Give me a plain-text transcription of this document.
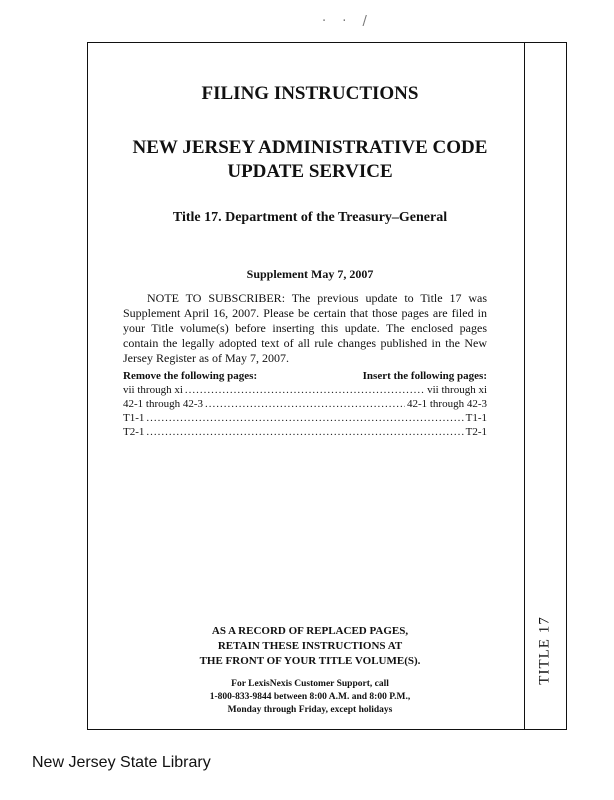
· · /
TITLE 17
FILING INSTRUCTIONS
NEW JERSEY ADMINISTRATIVE CODE
UPDATE SERVICE
Title 17. Department of the Treasury–General
Supplement May 7, 2007
NOTE TO SUBSCRIBER: The previous update to Title 17 was Supplement April 16, 2007. Please be certain that those pages are filed in your Title volume(s) before inserting this update. The enclosed pages contain the legally adopted text of all rule changes published in the New Jersey Register as of May 7, 2007.
Remove the following pages:	Insert the following pages:
vii through xi .....	vii through xi
42-1 through 42-3 .....	42-1 through 42-3
T1-1 .....	T1-1
T2-1 .....	T2-1
AS A RECORD OF REPLACED PAGES,
RETAIN THESE INSTRUCTIONS AT
THE FRONT OF YOUR TITLE VOLUME(S).
For LexisNexis Customer Support, call
1-800-833-9844 between 8:00 A.M. and 8:00 P.M.,
Monday through Friday, except holidays
New Jersey State Library
